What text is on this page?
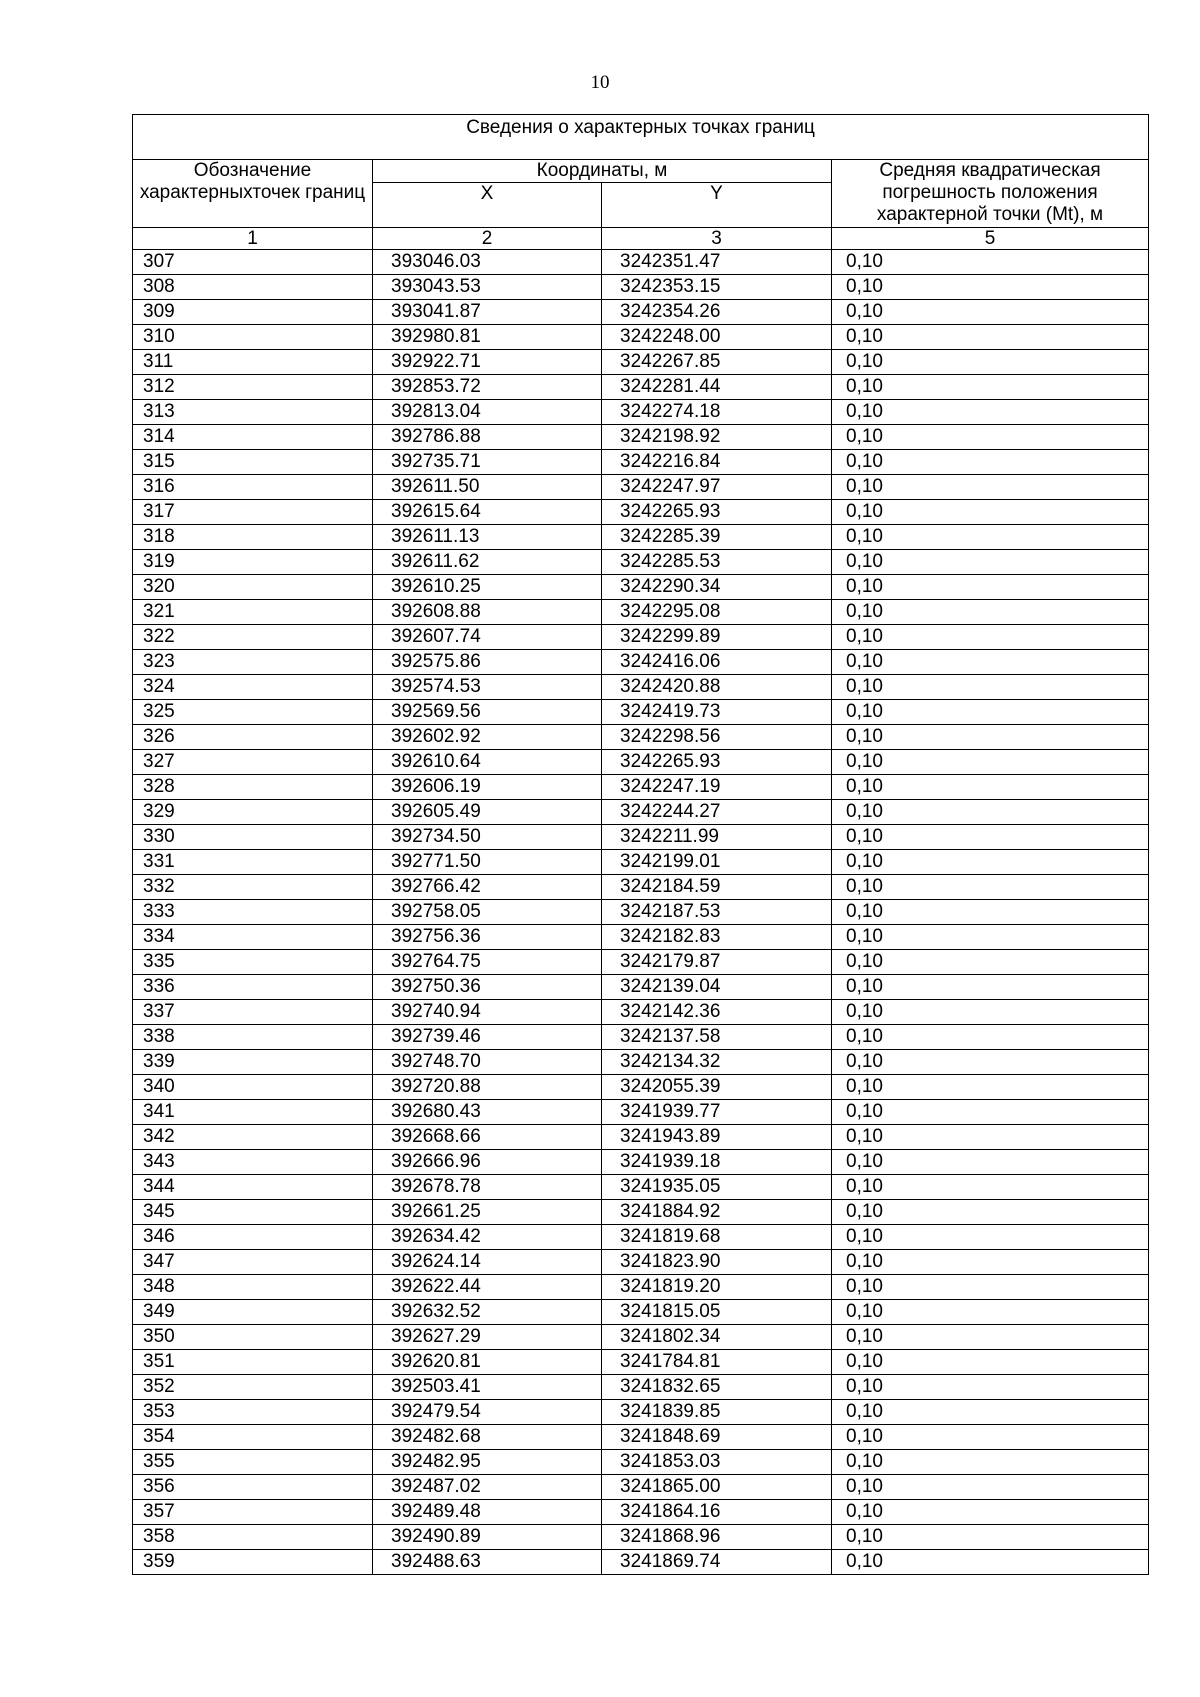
10
Сведения о характерных точках границ			
Обозначение характерныхточек границ	Координаты, м		Средняя квадратическая погрешность положения характерной точки (Mt), м
	X	Y	
1	2	3	5
307	393046.03	3242351.47	0,10
308	393043.53	3242353.15	0,10
309	393041.87	3242354.26	0,10
310	392980.81	3242248.00	0,10
311	392922.71	3242267.85	0,10
312	392853.72	3242281.44	0,10
313	392813.04	3242274.18	0,10
314	392786.88	3242198.92	0,10
315	392735.71	3242216.84	0,10
316	392611.50	3242247.97	0,10
317	392615.64	3242265.93	0,10
318	392611.13	3242285.39	0,10
319	392611.62	3242285.53	0,10
320	392610.25	3242290.34	0,10
321	392608.88	3242295.08	0,10
322	392607.74	3242299.89	0,10
323	392575.86	3242416.06	0,10
324	392574.53	3242420.88	0,10
325	392569.56	3242419.73	0,10
326	392602.92	3242298.56	0,10
327	392610.64	3242265.93	0,10
328	392606.19	3242247.19	0,10
329	392605.49	3242244.27	0,10
330	392734.50	3242211.99	0,10
331	392771.50	3242199.01	0,10
332	392766.42	3242184.59	0,10
333	392758.05	3242187.53	0,10
334	392756.36	3242182.83	0,10
335	392764.75	3242179.87	0,10
336	392750.36	3242139.04	0,10
337	392740.94	3242142.36	0,10
338	392739.46	3242137.58	0,10
339	392748.70	3242134.32	0,10
340	392720.88	3242055.39	0,10
341	392680.43	3241939.77	0,10
342	392668.66	3241943.89	0,10
343	392666.96	3241939.18	0,10
344	392678.78	3241935.05	0,10
345	392661.25	3241884.92	0,10
346	392634.42	3241819.68	0,10
347	392624.14	3241823.90	0,10
348	392622.44	3241819.20	0,10
349	392632.52	3241815.05	0,10
350	392627.29	3241802.34	0,10
351	392620.81	3241784.81	0,10
352	392503.41	3241832.65	0,10
353	392479.54	3241839.85	0,10
354	392482.68	3241848.69	0,10
355	392482.95	3241853.03	0,10
356	392487.02	3241865.00	0,10
357	392489.48	3241864.16	0,10
358	392490.89	3241868.96	0,10
359	392488.63	3241869.74	0,10
